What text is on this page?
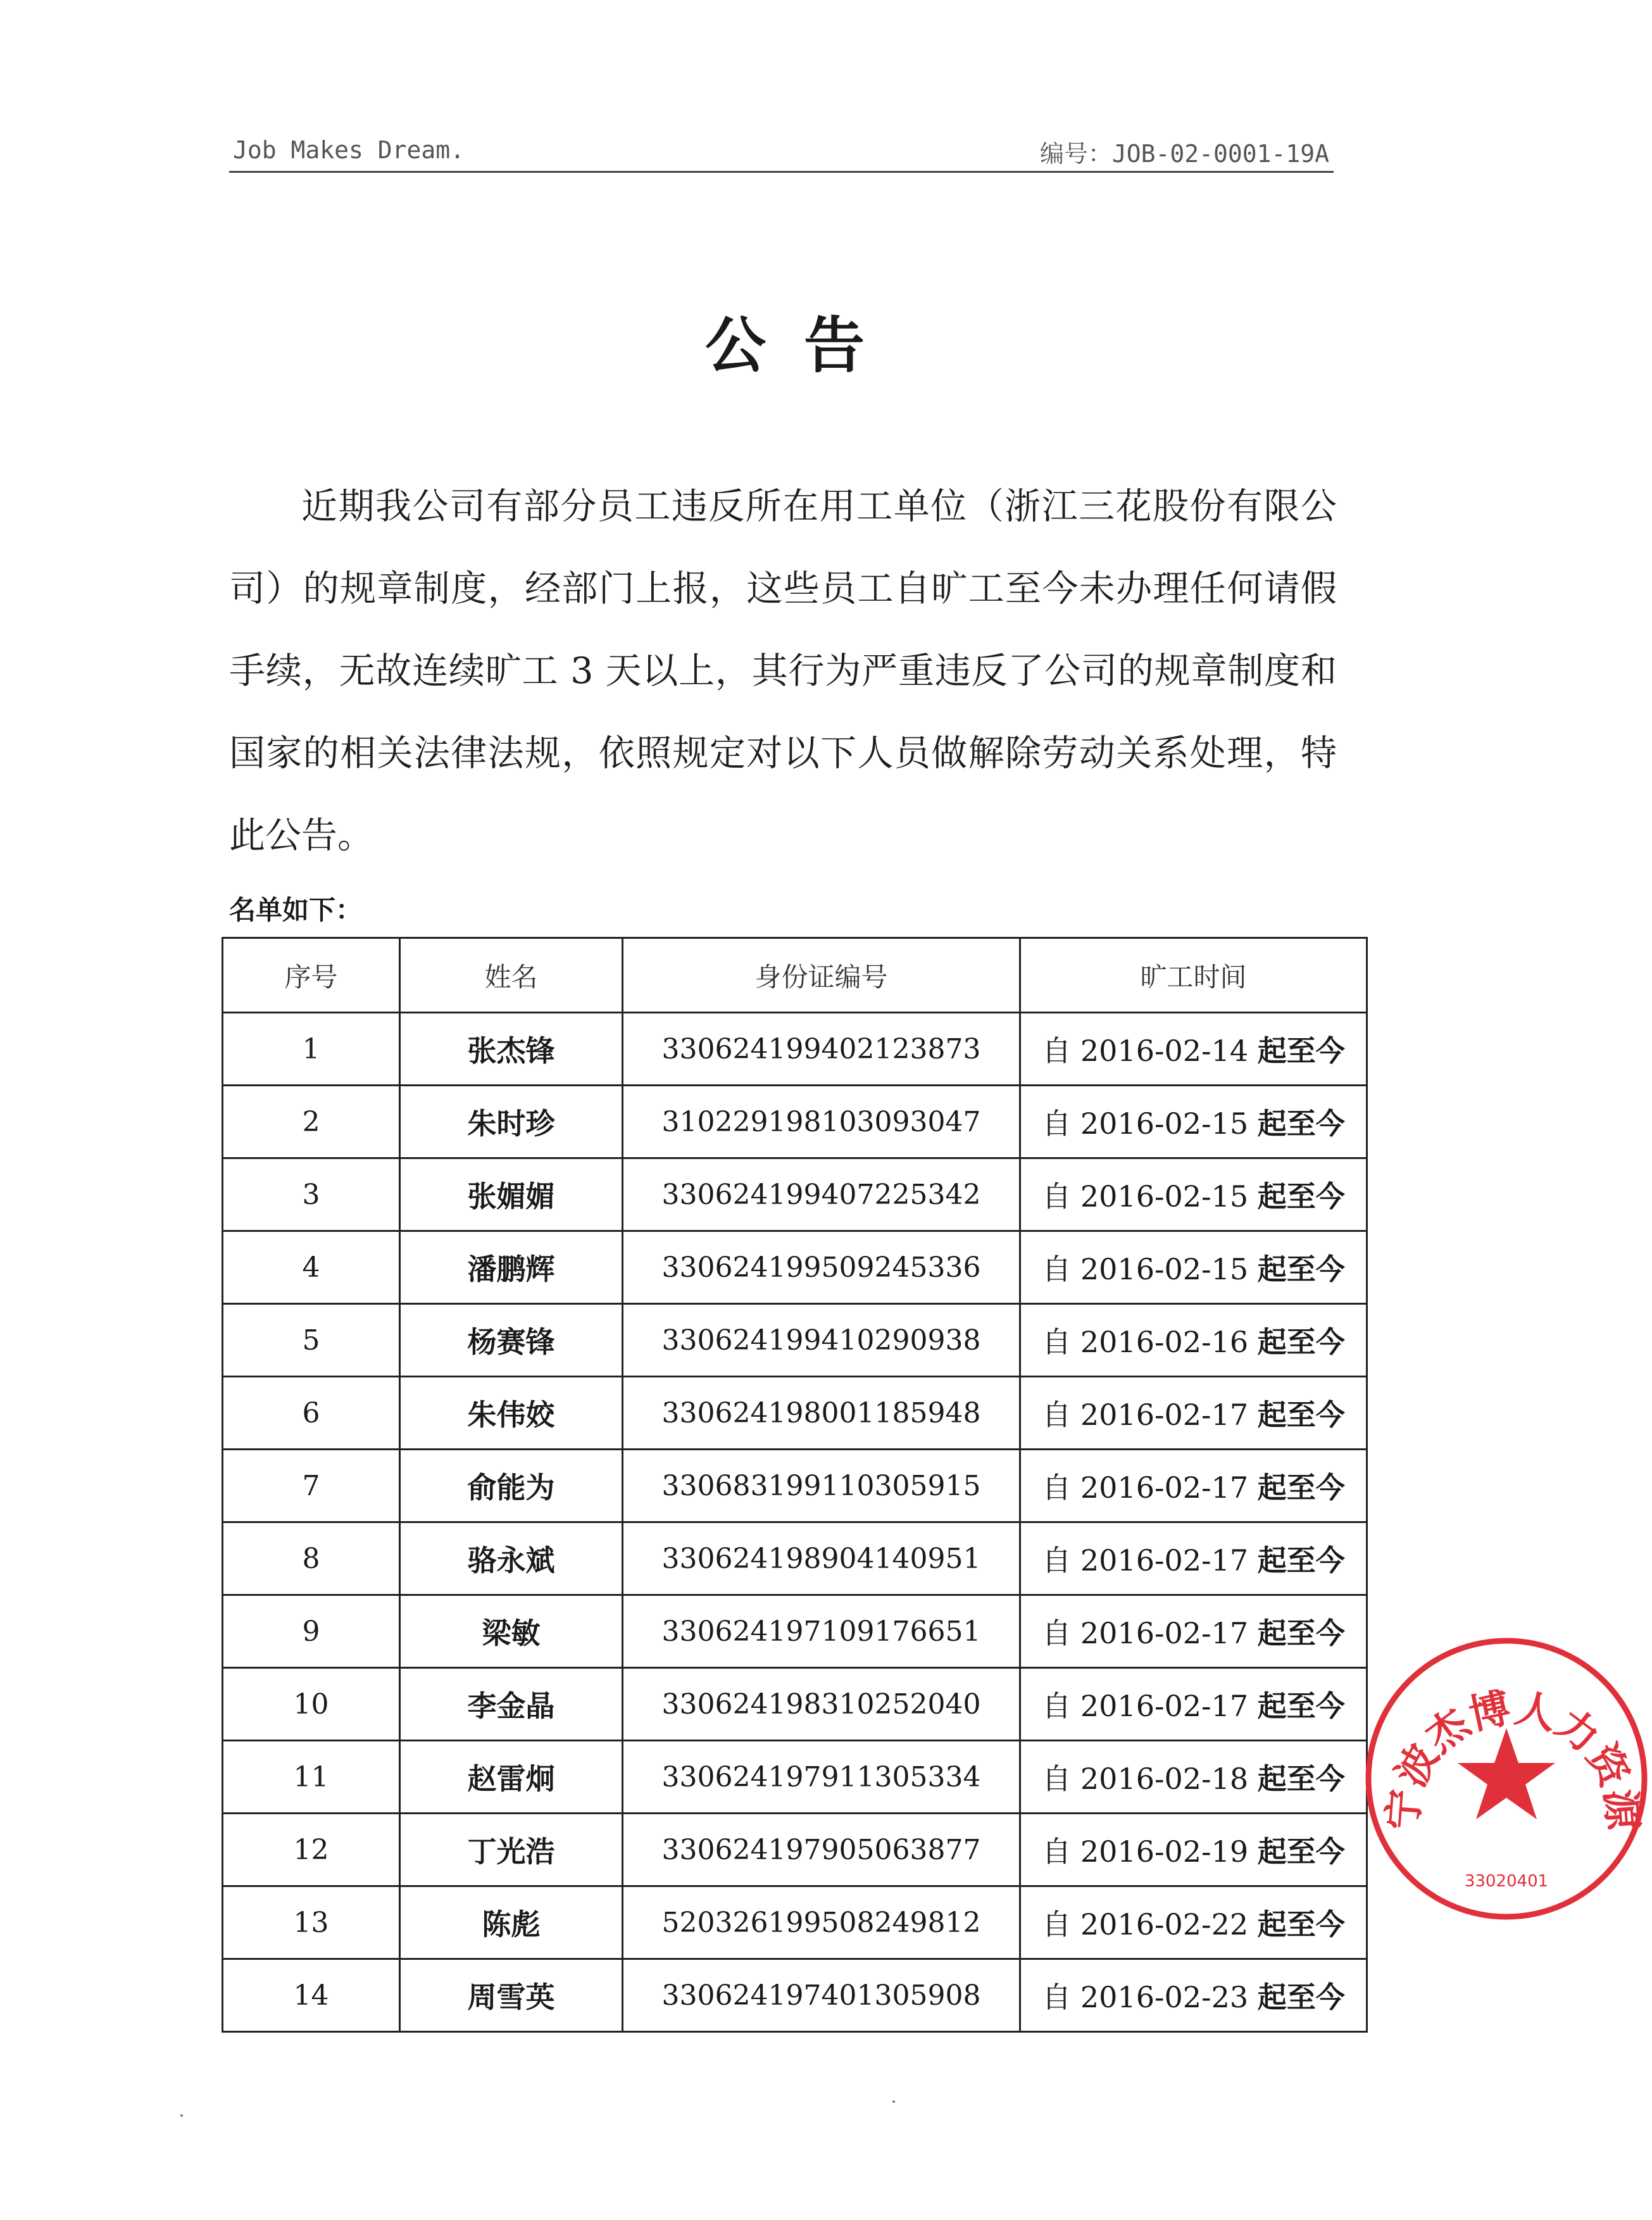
Job Makes Dream.	编号：JOB-02-0001-19A
公告
近期我公司有部分员工违反所在用工单位（浙江三花股份有限公司）的规章制度，经部门上报，这些员工自旷工至今未办理任何请假手续，无故连续旷工 3 天以上，其行为严重违反了公司的规章制度和国家的相关法律法规，依照规定对以下人员做解除劳动关系处理，特此公告。
名单如下：
序号	姓名	身份证编号	旷工时间
1	张杰锋	330624199402123873	自 2016-02-14 起至今
2	朱时珍	310229198103093047	自 2016-02-15 起至今
3	张媚媚	330624199407225342	自 2016-02-15 起至今
4	潘鹏辉	330624199509245336	自 2016-02-15 起至今
5	杨赛锋	330624199410290938	自 2016-02-16 起至今
6	朱伟姣	330624198001185948	自 2016-02-17 起至今
7	俞能为	330683199110305915	自 2016-02-17 起至今
8	骆永斌	330624198904140951	自 2016-02-17 起至今
9	梁敏	330624197109176651	自 2016-02-17 起至今
10	李金晶	330624198310252040	自 2016-02-17 起至今
11	赵雷炯	330624197911305334	自 2016-02-18 起至今
12	丁光浩	330624197905063877	自 2016-02-19 起至今
13	陈彪	520326199508249812	自 2016-02-22 起至今
14	周雪英	330624197401305908	自 2016-02-23 起至今
宁波杰博人力资源
33020401
